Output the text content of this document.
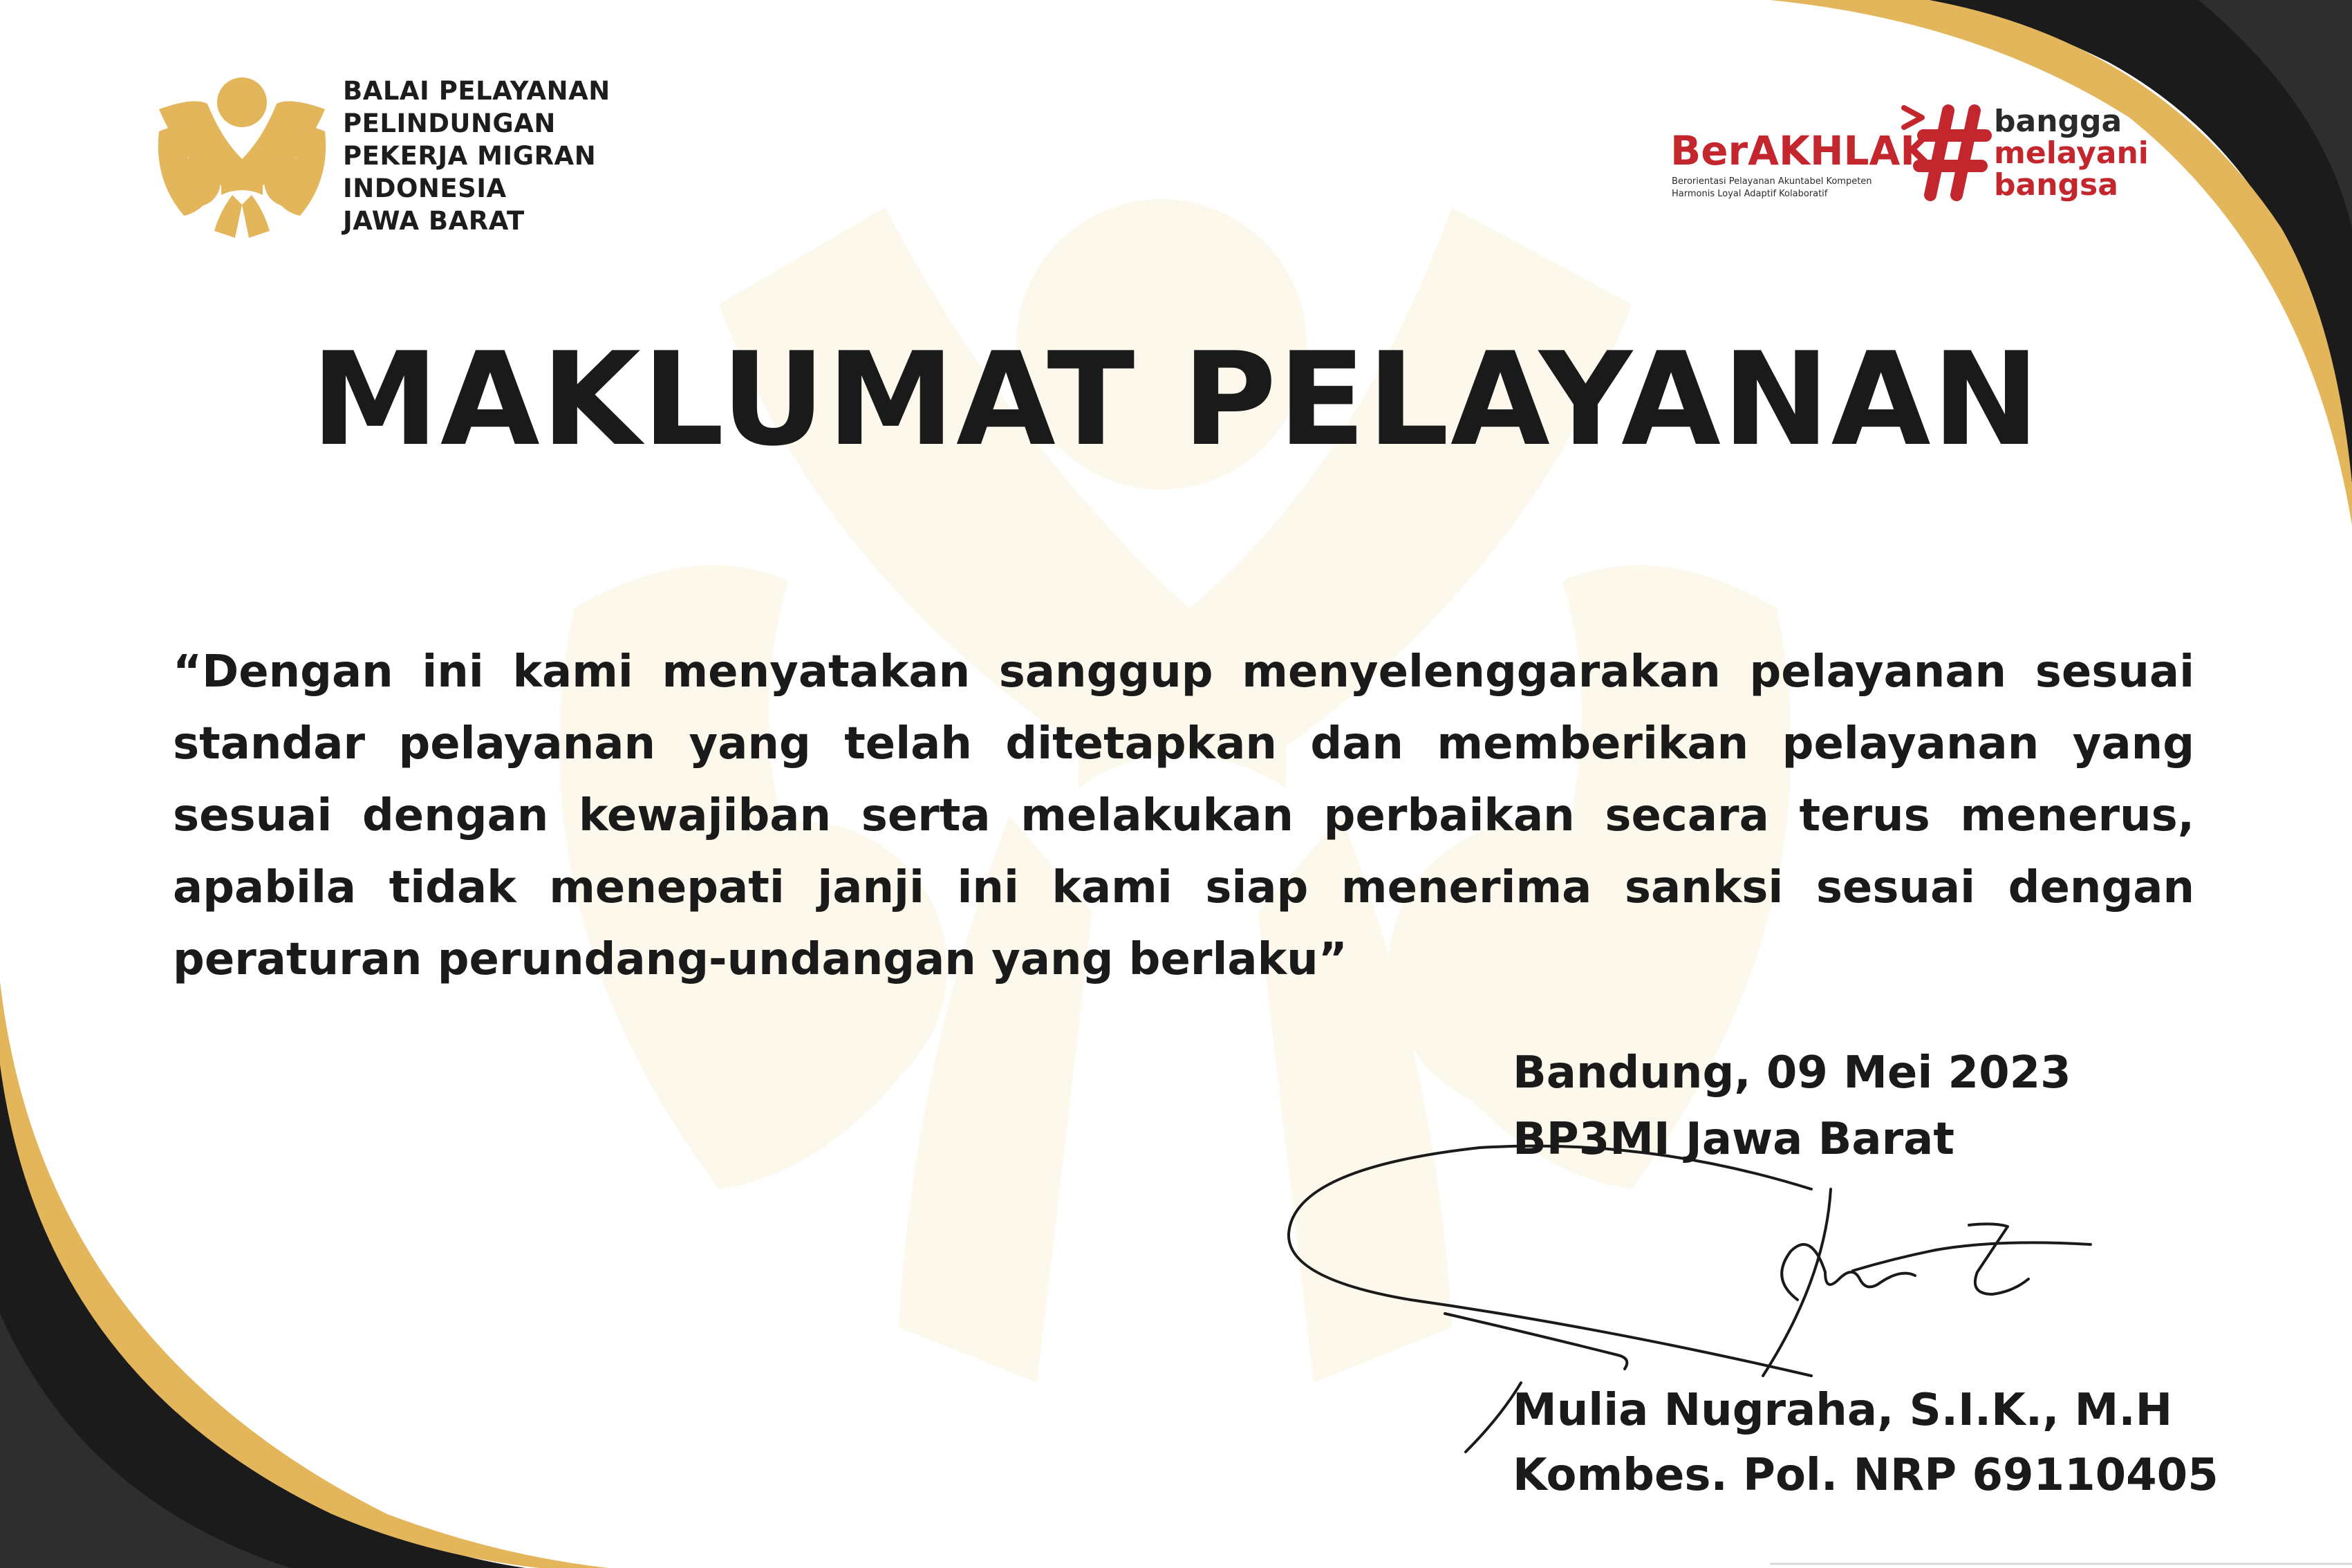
BALAI PELAYANAN
PELINDUNGAN
PEKERJA MIGRAN
INDONESIA
JAWA BARAT
BerAKHLAK
Berorientasi Pelayanan Akuntabel Kompeten
Harmonis Loyal Adaptif Kolaboratif
bangga
melayani
bangsa
MAKLUMAT PELAYANAN

“Dengan ini kami menyatakan sanggup menyelenggarakan pelayanan sesuai standar pelayanan yang telah ditetapkan dan memberikan pelayanan yang sesuai dengan kewajiban serta melakukan perbaikan secara terus menerus, apabila tidak menepati janji ini kami siap menerima sanksi sesuai dengan peraturan perundang-undangan yang berlaku”

Bandung, 09 Mei 2023
BP3MI Jawa Barat
Mulia Nugraha, S.I.K., M.H
Kombes. Pol. NRP 69110405
